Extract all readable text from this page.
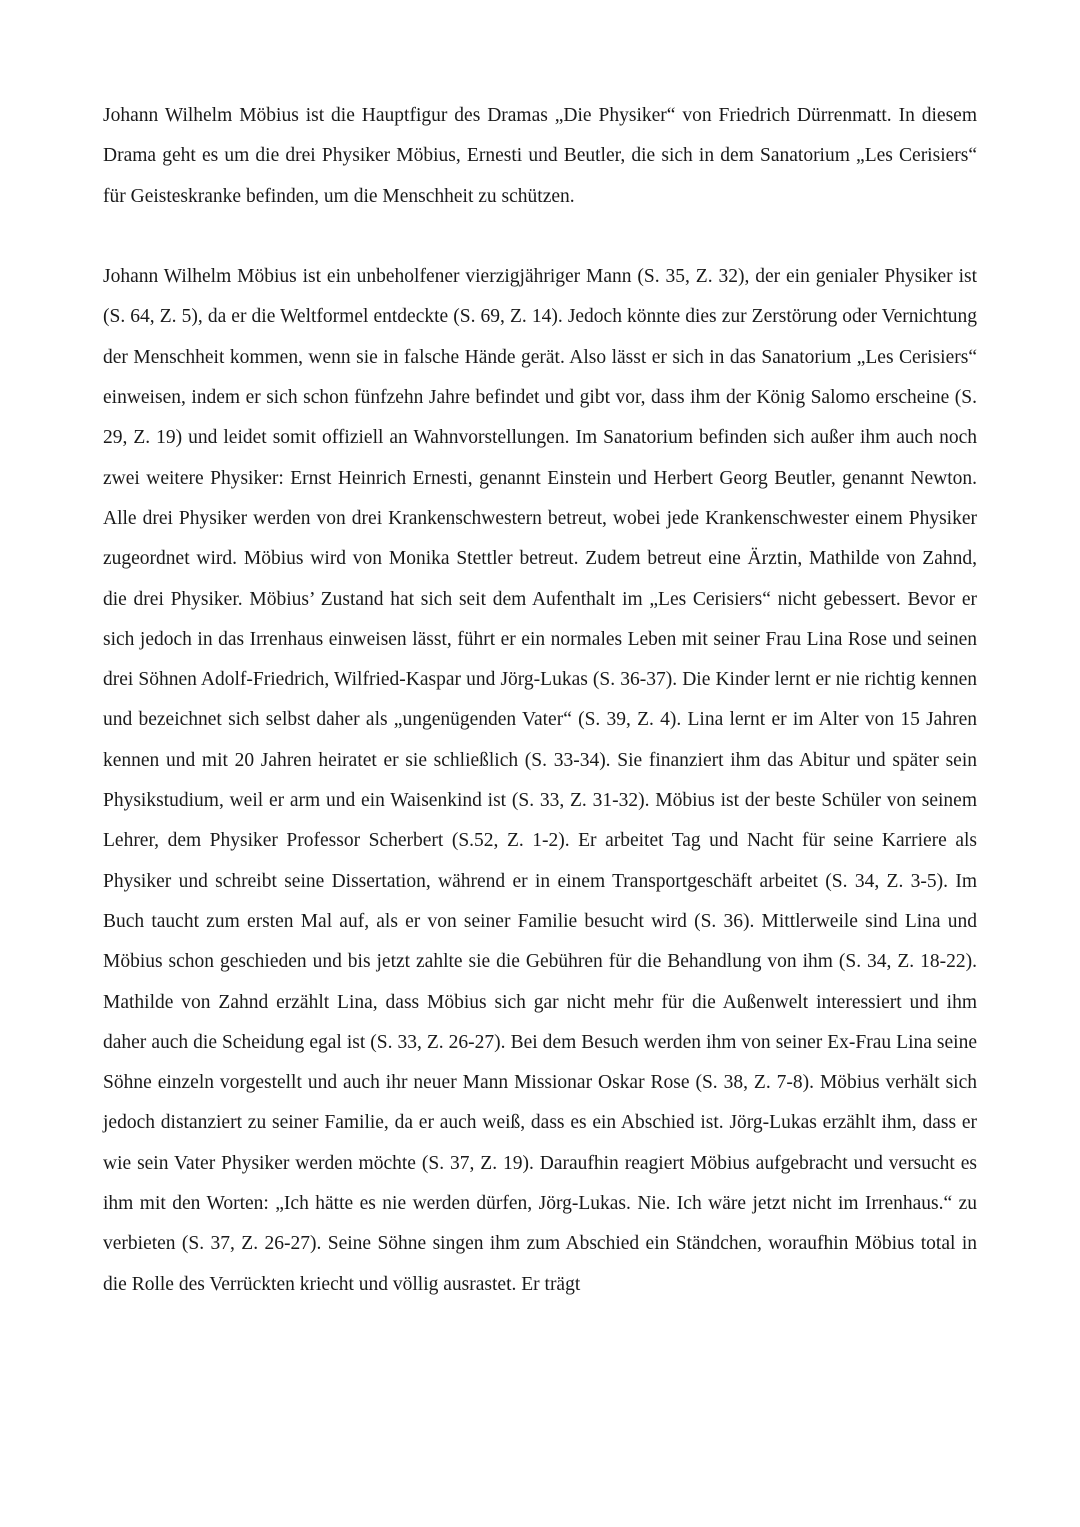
Johann Wilhelm Möbius ist die Hauptfigur des Dramas „Die Physiker“ von Friedrich Dürrenmatt. In diesem Drama geht es um die drei Physiker Möbius, Ernesti und Beutler, die sich in dem Sanatorium „Les Cerisiers“ für Geisteskranke befinden, um die Menschheit zu schützen.

Johann Wilhelm Möbius ist ein unbeholfener vierzigjähriger Mann (S. 35, Z. 32), der ein genialer Physiker ist (S. 64, Z. 5), da er die Weltformel entdeckte (S. 69, Z. 14). Jedoch könnte dies zur Zerstörung oder Vernichtung der Menschheit kommen, wenn sie in falsche Hände gerät. Also lässt er sich in das Sanatorium „Les Cerisiers“ einweisen, indem er sich schon fünfzehn Jahre befindet und gibt vor, dass ihm der König Salomo erscheine (S. 29, Z. 19) und leidet somit offiziell an Wahnvorstellungen. Im Sanatorium befinden sich außer ihm auch noch zwei weitere Physiker: Ernst Heinrich Ernesti, genannt Einstein und Herbert Georg Beutler, genannt Newton. Alle drei Physiker werden von drei Krankenschwestern betreut, wobei jede Krankenschwester einem Physiker zugeordnet wird. Möbius wird von Monika Stettler betreut. Zudem betreut eine Ärztin, Mathilde von Zahnd, die drei Physiker. Möbius’ Zustand hat sich seit dem Aufenthalt im „Les Cerisiers“ nicht gebessert. Bevor er sich jedoch in das Irrenhaus einweisen lässt, führt er ein normales Leben mit seiner Frau Lina Rose und seinen drei Söhnen Adolf-Friedrich, Wilfried-Kaspar und Jörg-Lukas (S. 36-37). Die Kinder lernt er nie richtig kennen und bezeichnet sich selbst daher als „ungenügenden Vater“ (S. 39, Z. 4). Lina lernt er im Alter von 15 Jahren kennen und mit 20 Jahren heiratet er sie schließlich (S. 33-34). Sie finanziert ihm das Abitur und später sein Physikstudium, weil er arm und ein Waisenkind ist (S. 33, Z. 31-32). Möbius ist der beste Schüler von seinem Lehrer, dem Physiker Professor Scherbert (S.52, Z. 1-2). Er arbeitet Tag und Nacht für seine Karriere als Physiker und schreibt seine Dissertation, während er in einem Transportgeschäft arbeitet (S. 34, Z. 3-5). Im Buch taucht zum ersten Mal auf, als er von seiner Familie besucht wird (S. 36). Mittlerweile sind Lina und Möbius schon geschieden und bis jetzt zahlte sie die Gebühren für die Behandlung von ihm (S. 34, Z. 18-22). Mathilde von Zahnd erzählt Lina, dass Möbius sich gar nicht mehr für die Außenwelt interessiert und ihm daher auch die Scheidung egal ist (S. 33, Z. 26-27). Bei dem Besuch werden ihm von seiner Ex-Frau Lina seine Söhne einzeln vorgestellt und auch ihr neuer Mann Missionar Oskar Rose (S. 38, Z. 7-8). Möbius verhält sich jedoch distanziert zu seiner Familie, da er auch weiß, dass es ein Abschied ist. Jörg-Lukas erzählt ihm, dass er wie sein Vater Physiker werden möchte (S. 37, Z. 19). Daraufhin reagiert Möbius aufgebracht und versucht es ihm mit den Worten: „Ich hätte es nie werden dürfen, Jörg-Lukas. Nie. Ich wäre jetzt nicht im Irrenhaus.“ zu verbieten (S. 37, Z. 26-27). Seine Söhne singen ihm zum Abschied ein Ständchen, woraufhin Möbius total in die Rolle des Verrückten kriecht und völlig ausrastet. Er trägt
